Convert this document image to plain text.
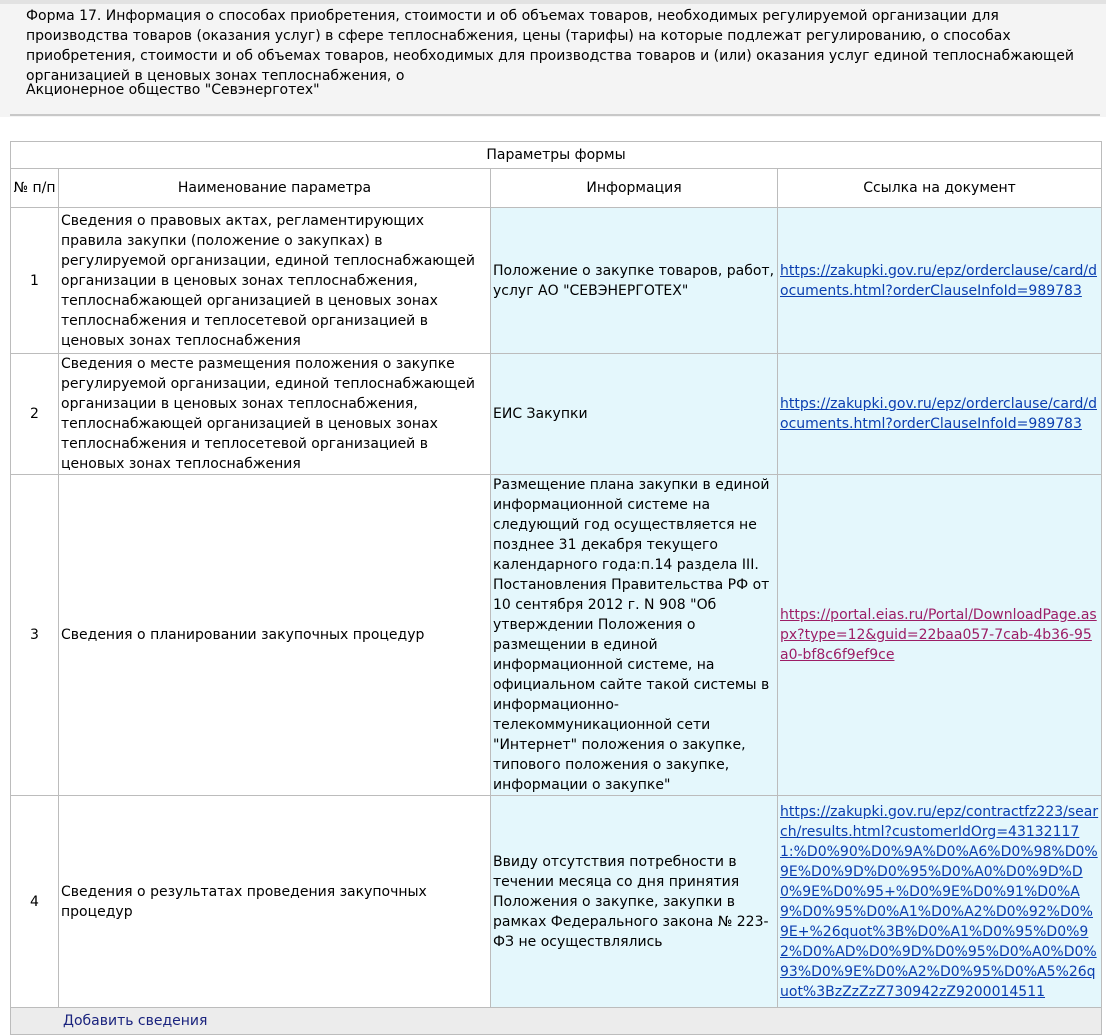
Форма 17. Информация о способах приобретения, стоимости и об объемах товаров, необходимых регулируемой организации для производства товаров (оказания услуг) в сфере теплоснабжения, цены (тарифы) на которые подлежат регулированию, о способах приобретения, стоимости и об объемах товаров, необходимых для производства товаров и (или) оказания услуг единой теплоснабжающей организацией в ценовых зонах теплоснабжения, о

Акционерное общество "Севэнерготех"

Параметры формы			
№ п/п	Наименование параметра	Информация	Ссылка на документ
1	Сведения о правовых актах, регламентирующих правила закупки (положение о закупках) в регулируемой организации, единой теплоснабжающей организации в ценовых зонах теплоснабжения, теплоснабжающей организацией в ценовых зонах теплоснабжения и теплосетевой организацией в ценовых зонах теплоснабжения	Положение о закупке товаров, работ, услуг АО "СЕВЭНЕРГОТЕХ"	https://zakupki.gov.ru/epz/orderclause/card/documents.html?orderClauseInfoId=989783
2	Сведения о месте размещения положения о закупке регулируемой организации, единой теплоснабжающей организации в ценовых зонах теплоснабжения, теплоснабжающей организацией в ценовых зонах теплоснабжения и теплосетевой организацией в ценовых зонах теплоснабжения	ЕИС Закупки	https://zakupki.gov.ru/epz/orderclause/card/documents.html?orderClauseInfoId=989783
3	Сведения о планировании закупочных процедур	Размещение плана закупки в единой информационной системе на следующий год осуществляется не позднее 31 декабря текущего календарного года:п.14 раздела III. Постановления Правительства РФ от 10 сентября 2012 г. N 908 "Об утверждении Положения о размещении в единой информационной системе, на официальном сайте такой системы в информационно-телекоммуникационной сети "Интернет" положения о закупке, типового положения о закупке, информации о закупке"	https://portal.eias.ru/Portal/DownloadPage.aspx?type=12&guid=22baa057-7cab-4b36-95a0-bf8c6f9ef9ce
4	Сведения о результатах проведения закупочных процедур	Ввиду отсутствия потребности в течении месяца со дня принятия Положения о закупке, закупки в рамках Федерального закона № 223-ФЗ не осуществлялись	https://zakupki.gov.ru/epz/contractfz223/search/results.html?customerIdOrg=431321171:%D0%90%D0%9A%D0%A6%D0%98%D0%9E%D0%9D%D0%95%D0%A0%D0%9D%D0%9E%D0%95+%D0%9E%D0%91%D0%A9%D0%95%D0%A1%D0%A2%D0%92%D0%9E+%26quot%3B%D0%A1%D0%95%D0%92%D0%AD%D0%9D%D0%95%D0%A0%D0%93%D0%9E%D0%A2%D0%95%D0%A5%26quot%3BzZzZzZ730942zZ9200014511
Добавить сведения			
